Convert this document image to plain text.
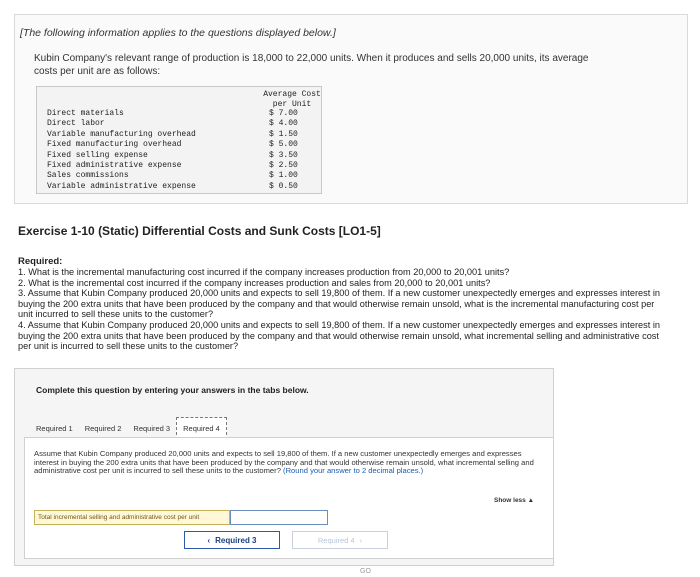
[The following information applies to the questions displayed below.]
Kubin Company's relevant range of production is 18,000 to 22,000 units. When it produces and sells 20,000 units, its average costs per unit are as follows:
Average Cost
per Unit
Direct materials	$ 7.00
Direct labor	$ 4.00
Variable manufacturing overhead	$ 1.50
Fixed manufacturing overhead	$ 5.00
Fixed selling expense	$ 3.50
Fixed administrative expense	$ 2.50
Sales commissions	$ 1.00
Variable administrative expense	$ 0.50
Exercise 1-10 (Static) Differential Costs and Sunk Costs [LO1-5]
Required:
1. What is the incremental manufacturing cost incurred if the company increases production from 20,000 to 20,001 units?
2. What is the incremental cost incurred if the company increases production and sales from 20,000 to 20,001 units?
3. Assume that Kubin Company produced 20,000 units and expects to sell 19,800 of them. If a new customer unexpectedly emerges and expresses interest in buying the 200 extra units that have been produced by the company and that would otherwise remain unsold, what is the incremental manufacturing cost per unit incurred to sell these units to the customer?
4. Assume that Kubin Company produced 20,000 units and expects to sell 19,800 of them. If a new customer unexpectedly emerges and expresses interest in buying the 200 extra units that have been produced by the company and that would otherwise remain unsold, what incremental selling and administrative cost per unit is incurred to sell these units to the customer?
Complete this question by entering your answers in the tabs below.
Required 1	Required 2	Required 3	Required 4
Assume that Kubin Company produced 20,000 units and expects to sell 19,800 of them. If a new customer unexpectedly emerges and expresses interest in buying the 200 extra units that have been produced by the company and that would otherwise remain unsold, what incremental selling and administrative cost per unit is incurred to sell these units to the customer? (Round your answer to 2 decimal places.)
Show less ▲
Total incremental selling and administrative cost per unit
‹ Required 3	Required 4 ›
GO
